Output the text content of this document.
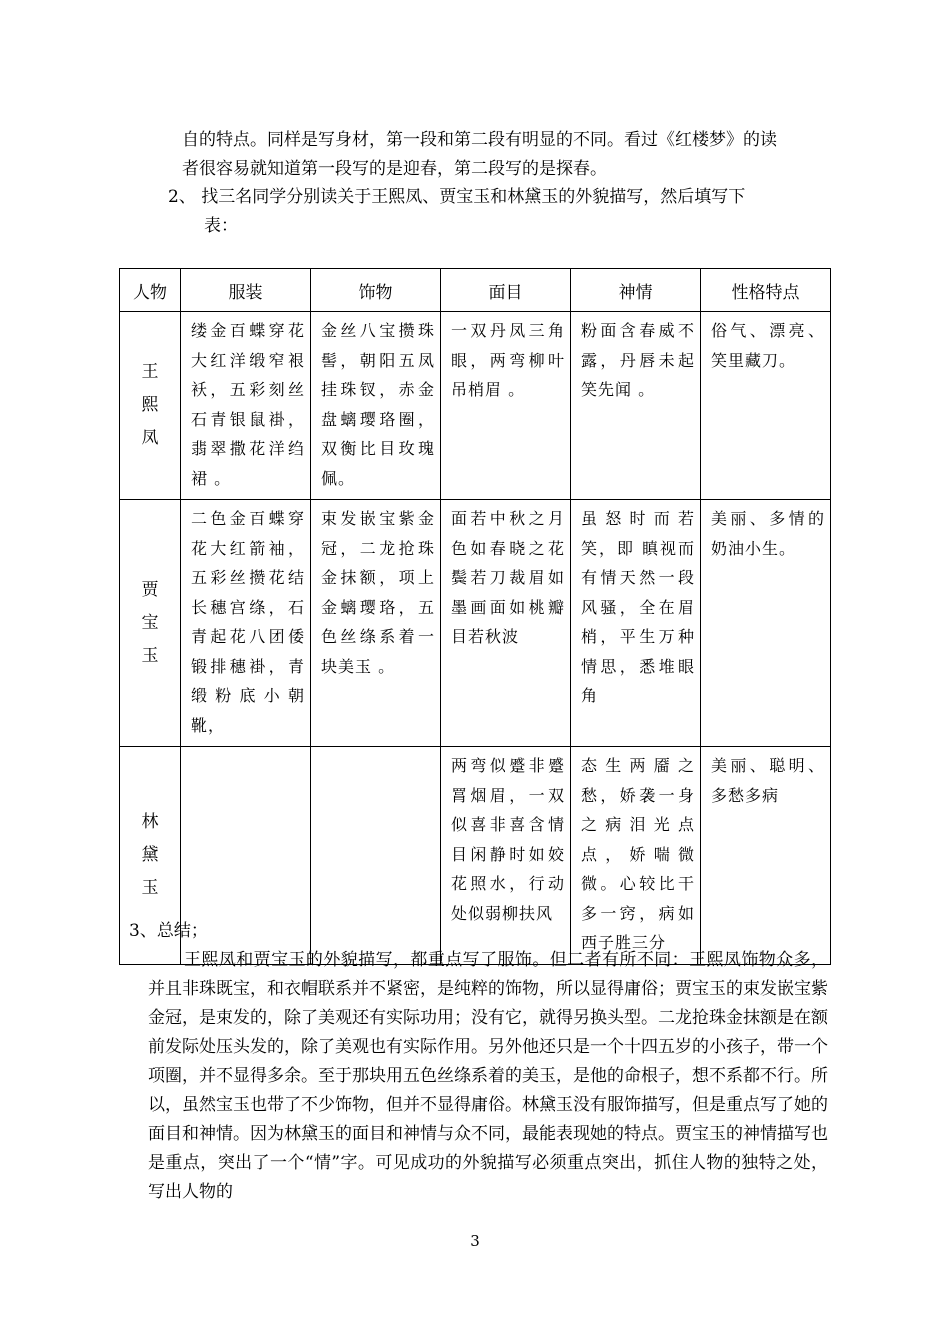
自的特点。同样是写身材，第一段和第二段有明显的不同。看过《红楼梦》的读
者很容易就知道第一段写的是迎春，第二段写的是探春。
2、 找三名同学分别读关于王熙凤、贾宝玉和林黛玉的外貌描写，然后填写下
表：
人物	服装	饰物	面目	神情	性格特点

王熙凤	缕金百蝶穿花大红洋缎窄裉袄，五彩刻丝石青银鼠褂，翡翠撒花洋绉裙 。	金丝八宝攒珠髻，朝阳五凤挂珠钗，赤金盘螭璎珞圈，双衡比目玫瑰佩。	一双丹凤三角眼，两弯柳叶吊梢眉 。	粉面含春威不露，丹唇未起笑先闻 。	俗气、漂亮、笑里藏刀。

贾宝玉	二色金百蝶穿花大红箭袖，五彩丝攒花结长穗宫绦，石青起花八团倭锻排穗褂，青缎粉底小朝靴，	束发嵌宝紫金冠，二龙抢珠金抹额，项上金螭璎珞，五色丝绦系着一块美玉 。	面若中秋之月色如春晓之花鬓若刀裁眉如墨画面如桃瓣目若秋波	虽怒时而若笑，即 瞋视而有情天然一段风骚，全在眉梢，平生万种情思，悉堆眼角	美丽、多情的奶油小生。

林黛玉			两弯似蹙非蹙罥烟眉，一双似喜非喜含情目闲静时如姣花照水，行动处似弱柳扶风	态生两靥之愁，娇袭一身之病泪光点点，娇喘微微。心较比干多一窍，病如西子胜三分	美丽、聪明、多愁多病
3、总结；
王熙凤和贾宝玉的外貌描写，都重点写了服饰。但二者有所不同：王熙凤饰物众多，并且非珠既宝，和衣帽联系并不紧密，是纯粹的饰物，所以显得庸俗；贾宝玉的束发嵌宝紫金冠，是束发的，除了美观还有实际功用；没有它，就得另换头型。二龙抢珠金抹额是在额前发际处压头发的，除了美观也有实际作用。另外他还只是一个十四五岁的小孩子，带一个项圈，并不显得多余。至于那块用五色丝绦系着的美玉，是他的命根子，想不系都不行。所以，虽然宝玉也带了不少饰物，但并不显得庸俗。林黛玉没有服饰描写，但是重点写了她的面目和神情。因为林黛玉的面目和神情与众不同，最能表现她的特点。贾宝玉的神情描写也是重点，突出了一个“情”字。可见成功的外貌描写必须重点突出，抓住人物的独特之处，写出人物的
3
